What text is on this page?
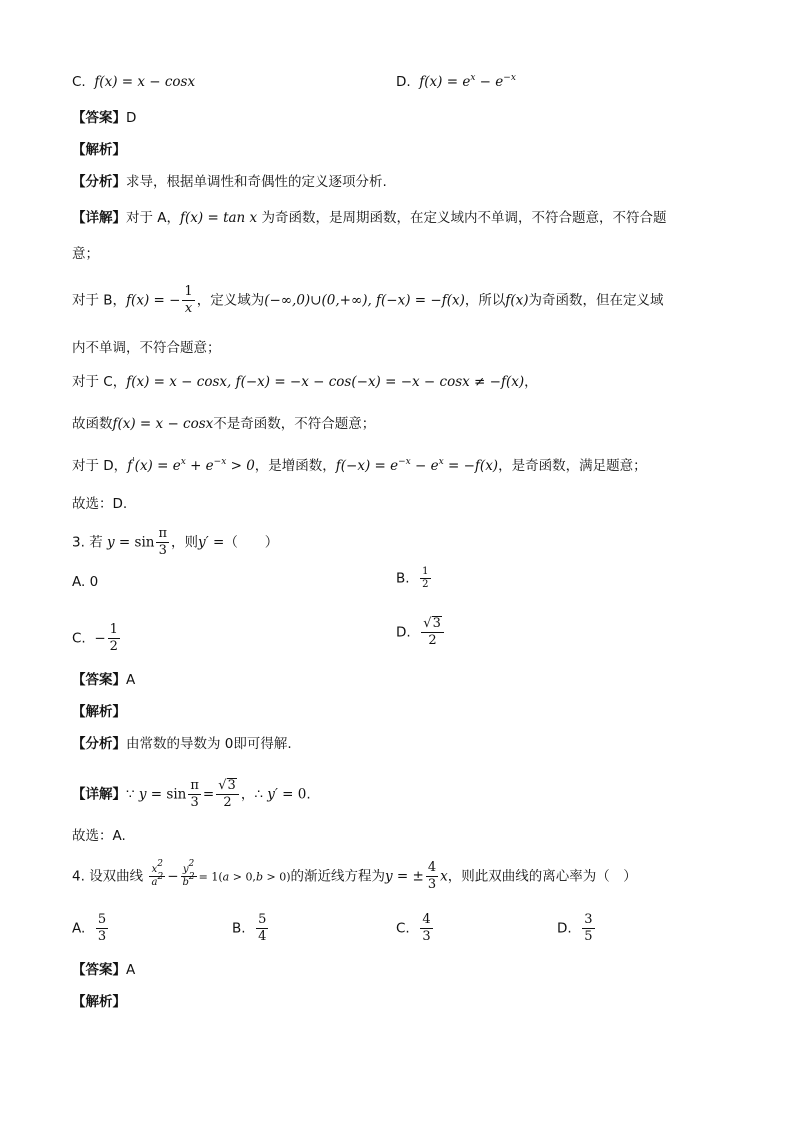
C. f(x) = x − cosx	D. $f(x) = e^x - e^{-x}$
【答案】D
【解析】
【分析】求导，根据单调性和奇偶性的定义逐项分析.
【详解】对于 A，f(x) = tan x 为奇函数，是周期函数，在定义域内不单调，不符合题意，不符合题
意；
对于 B，f(x) = − $\frac{1}{x}$ ，定义域为(−∞,0)∪(0,+∞), f(−x) = −f(x)，所以f(x)为奇函数，但在定义域
内不单调，不符合题意；
对于 C，f(x) = x − cosx, f(−x) = −x − cos(−x) = −x − cosx ≠ −f(x)，
故函数f(x) = x − cosx不是奇函数，不符合题意；
对于 D，$f'(x) = e^x + e^{-x} > 0$，是增函数，$f(-x) = e^{-x} - e^x = -f(x)$，是奇函数，满足题意；
故选：D.
3. 若 $y = \sin \frac{\pi}{3}$ ，则y′ =（　　）
A. 0	B. $\frac{1}{2}$
C. − $\frac{1}{2}$	D. $\frac{√3}{2}$
【答案】A
【解析】
【分析】由常数的导数为 0即可得解.
【详解】∵ $y = \sin \frac{\pi}{3} = \frac{√3}{2}$ ，∴ y′ = 0.
故选：A.
4. 设双曲线 $\frac{x^2}{a^2} - \frac{y^2}{b^2} = 1(a > 0,b > 0)$的渐近线方程为y = ± $\frac{4}{3}$ x，则此双曲线的离心率为（　）
A. $\frac{5}{3}$	B. $\frac{5}{4}$	C. $\frac{4}{3}$	D. $\frac{3}{5}$
【答案】A
【解析】
